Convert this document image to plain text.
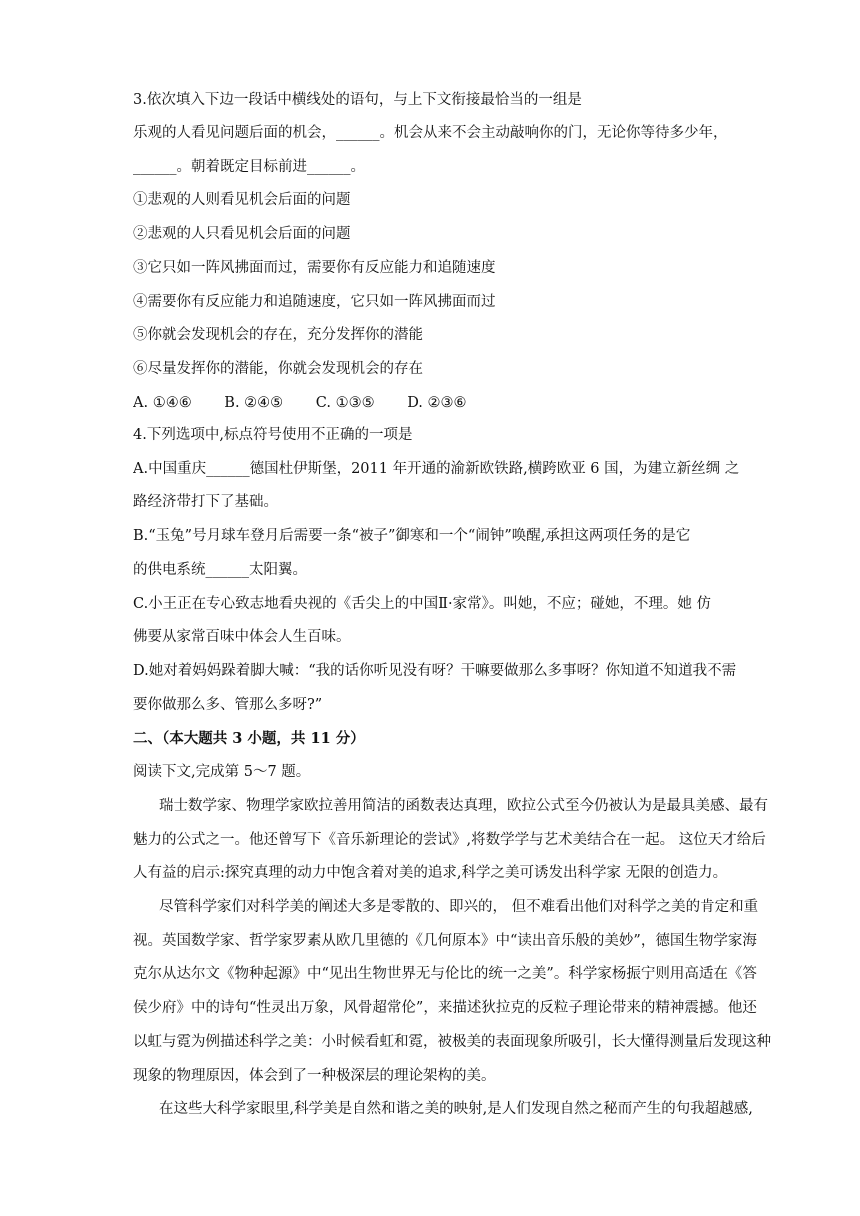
3.依次填入下边一段话中横线处的语句，与上下文衔接最恰当的一组是
乐观的人看见问题后面的机会，______。机会从来不会主动敲响你的门，无论你等待多少年，
______。朝着既定目标前进______。
①悲观的人则看见机会后面的问题
②悲观的人只看见机会后面的问题
③它只如一阵风拂面而过，需要你有反应能力和追随速度
④需要你有反应能力和追随速度，它只如一阵风拂面而过
⑤你就会发现机会的存在，充分发挥你的潜能
⑥尽量发挥你的潜能，你就会发现机会的存在
A. ①④⑥ B. ②④⑤ C. ①③⑤ D. ②③⑥
4.下列选项中,标点符号使用不正确的一项是
A.中国重庆______德国杜伊斯堡，2011 年开通的渝新欧铁路,横跨欧亚 6 国，为建立新丝绸 之
路经济带打下了基础。
B.“玉兔”号月球车登月后需要一条“被子”御寒和一个“闹钟”唤醒,承担这两项任务的是它
的供电系统______太阳翼。
C.小王正在专心致志地看央视的《舌尖上的中国Ⅱ·家常》。叫她，不应；碰她，不理。她 仿
佛要从家常百味中体会人生百味。
D.她对着妈妈跺着脚大喊：“我的话你听见没有呀？干嘛要做那么多事呀？你知道不知道我不需
要你做那么多、管那么多呀?”
二、（本大题共 3 小题，共 11 分）
阅读下文,完成第 5～7 题。
瑞士数学家、物理学家欧拉善用简洁的函数表达真理，欧拉公式至今仍被认为是最具美感、最有
魅力的公式之一。他还曾写下《音乐新理论的尝试》,将数学学与艺术美结合在一起。 这位天才给后
人有益的启示:探究真理的动力中饱含着对美的追求,科学之美可诱发出科学家 无限的创造力。
尽管科学家们对科学美的阐述大多是零散的、即兴的， 但不难看出他们对科学之美的肯定和重
视。英国数学家、哲学家罗素从欧几里德的《几何原本》中“读出音乐般的美妙”，德国生物学家海
克尔从达尔文《物种起源》中“见出生物世界无与伦比的统一之美”。科学家杨振宁则用高适在《答
侯少府》中的诗句“性灵出万象，风骨超常伦”，来描述狄拉克的反粒子理论带来的精神震撼。他还
以虹与霓为例描述科学之美：小时候看虹和霓，被极美的表面现象所吸引，长大懂得测量后发现这种
现象的物理原因，体会到了一种极深层的理论架构的美。
在这些大科学家眼里,科学美是自然和谐之美的映射,是人们发现自然之秘而产生的句我超越感,
